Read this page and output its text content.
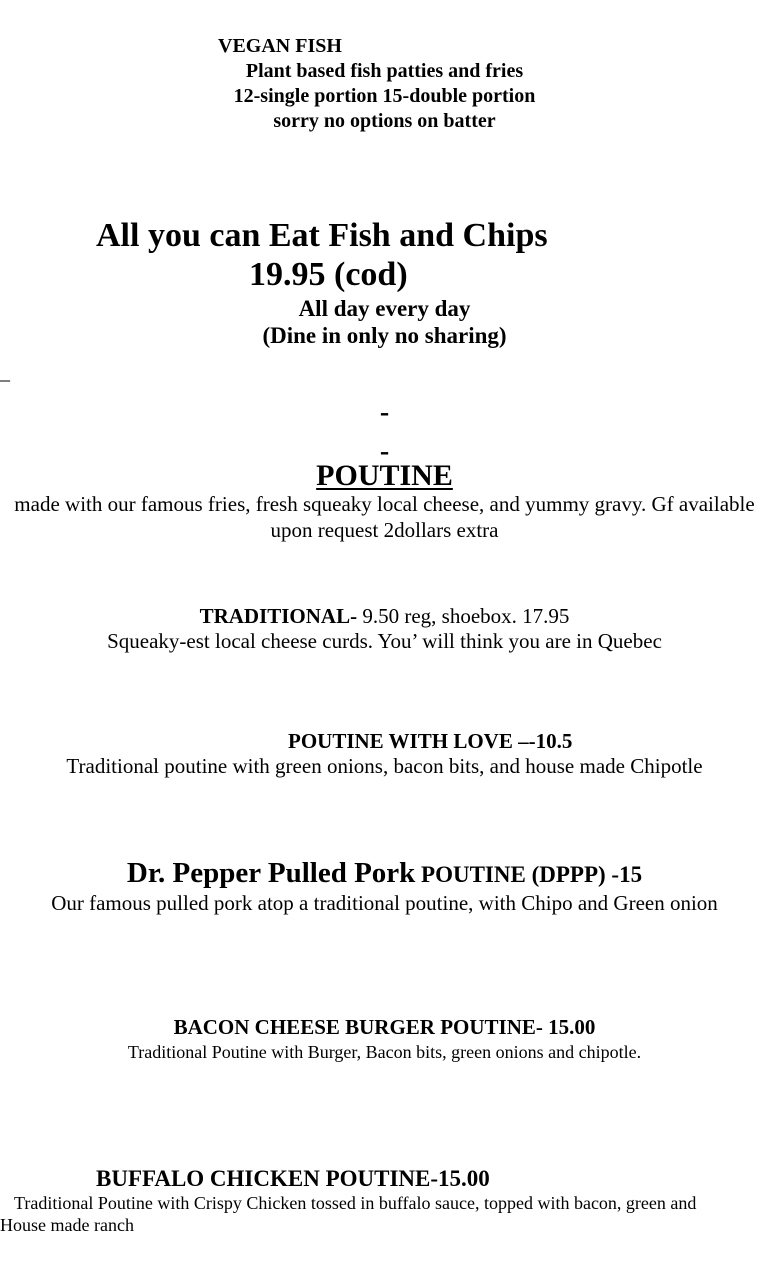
VEGAN FISH
Plant based fish patties and fries
12-single portion 15-double portion
sorry no options on batter
All you can Eat Fish and Chips
19.95 (cod)
All day every day
(Dine in only no sharing)
_
-
-
POUTINE
made with our famous fries, fresh squeaky local cheese, and yummy gravy. Gf available
upon request 2dollars extra
TRADITIONAL- 9.50 reg, shoebox. 17.95
Squeaky-est local cheese curds. You’ will think you are in Quebec
POUTINE WITH LOVE –-10.5
Traditional poutine with green onions, bacon bits, and house made Chipotle
Dr. Pepper Pulled Pork POUTINE (DPPP) -15
Our famous pulled pork atop a traditional poutine, with Chipo and Green onion
BACON CHEESE BURGER POUTINE- 15.00
Traditional Poutine with Burger, Bacon bits, green onions and chipotle.
BUFFALO CHICKEN POUTINE-15.00
Traditional Poutine with Crispy Chicken tossed in buffalo sauce, topped with bacon, green and
House made ranch
